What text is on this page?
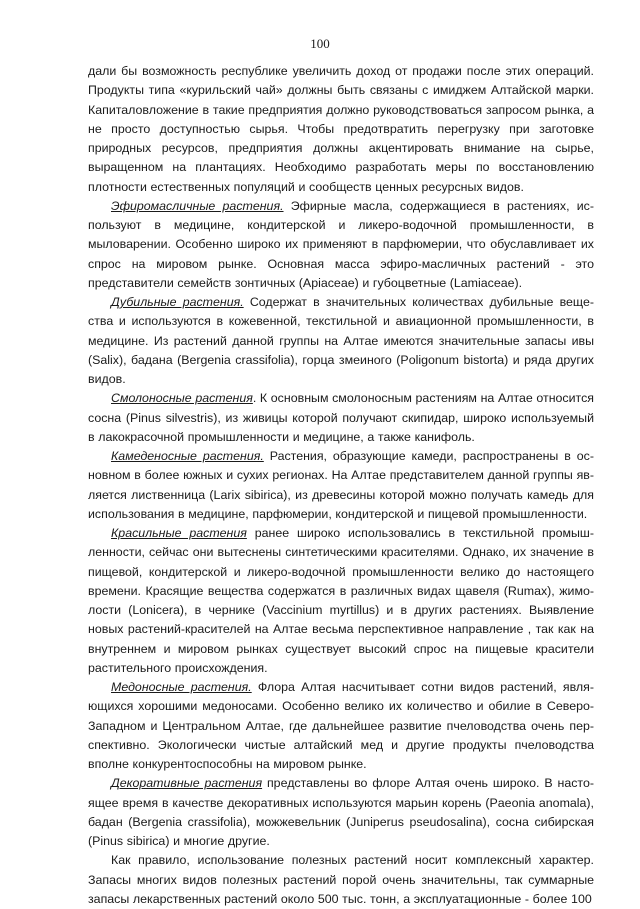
100

дали бы возможность республике увеличить доход от продажи после этих операций. Продукты типа «курильский чай» должны быть связаны с имиджем Алтайской марки. Капиталовложение в такие предприятия должно руководствоваться запросом рынка, а не просто доступностью сырья. Чтобы предотвратить перегрузку при заготовке природных ресурсов, предприятия должны акцентировать внимание на сырье, выращенном на плантациях. Необходимо разработать меры по восстановлению плотности естественных популяций и сообществ ценных ресурсных видов.

Эфиромасличные растения. Эфирные масла, содержащиеся в растениях, используют в медицине, кондитерской и ликеро-водочной промышленности, в мыловарении. Особенно широко их применяют в парфюмерии, что обуславливает их спрос на мировом рынке. Основная масса эфиро-масличных растений - это представители семейств зонтичных (Apiaceae) и губоцветные (Lamiaceae).

Дубильные растения. Содержат в значительных количествах дубильные вещества и используются в кожевенной, текстильной и авиационной промышленности, в медицине. Из растений данной группы на Алтае имеются значительные запасы ивы (Salix), бадана (Bergenia crassifolia), горца змеиного (Poligonum bistorta) и ряда других видов.

Смолоносные растения. К основным смолоносным растениям на Алтае относится сосна (Pinus silvestris), из живицы которой получают скипидар, широко используемый в лакокрасочной промышленности и медицине, а также канифоль.

Камеденосные растения. Растения, образующие камеди, распространены в основном в более южных и сухих регионах. На Алтае представителем данной группы является лиственница (Larix sibirica), из древесины которой можно получать камедь для использования в медицине, парфюмерии, кондитерской и пищевой промышленности.

Красильные растения ранее широко использовались в текстильной промышленности, сейчас они вытеснены синтетическими красителями. Однако, их значение в пищевой, кондитерской и ликеро-водочной промышленности велико до настоящего времени. Красящие вещества содержатся в различных видах щавеля (Rumax), жимолости (Lonicera), в чернике (Vaccinium myrtillus) и в других растениях. Выявление новых растений-красителей на Алтае весьма перспективное направление , так как на внутреннем и мировом рынках существует высокий спрос на пищевые красители растительного происхождения.

Медоносные растения. Флора Алтая насчитывает сотни видов растений, являющихся хорошими медоносами. Особенно велико их количество и обилие в Северо-Западном и Центральном Алтае, где дальнейшее развитие пчеловодства очень перспективно. Экологически чистые алтайский мед и другие продукты пчеловодства вполне конкурентоспособны на мировом рынке.

Декоративные растения представлены во флоре Алтая очень широко. В настоящее время в качестве декоративных используются марьин корень (Paeonia anomala), бадан (Bergenia crassifolia), можжевельник (Juniperus pseudosalina), сосна сибирская (Pinus sibirica) и многие другие.

Как правило, использование полезных растений носит комплексный характер. Запасы многих видов полезных растений порой очень значительны, так суммарные запасы лекарственных растений около 500 тыс. тонн, а эксплуатационные - более 100
